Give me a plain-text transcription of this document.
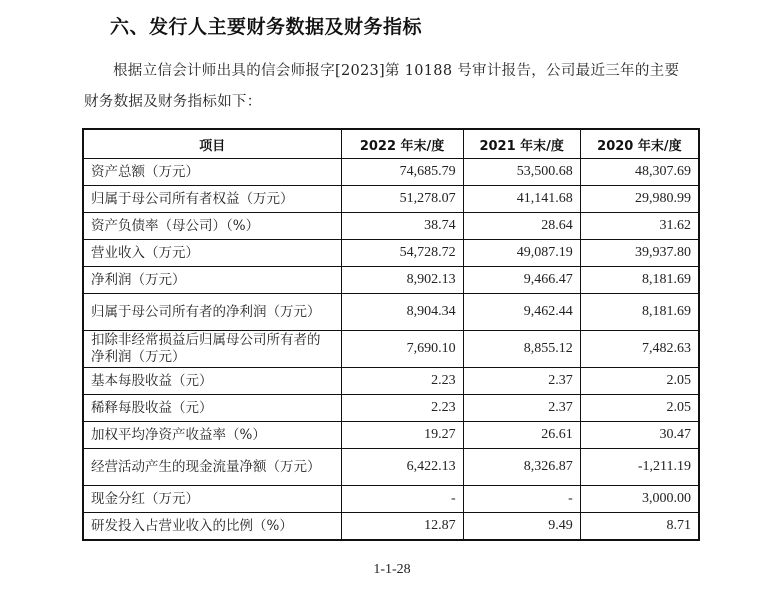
六、发行人主要财务数据及财务指标
根据立信会计师出具的信会师报字[2023]第 10188 号审计报告，公司最近三年的主要财务数据及财务指标如下：
项目	2022 年末/度	2021 年末/度	2020 年末/度
资产总额（万元）	74,685.79	53,500.68	48,307.69
归属于母公司所有者权益（万元）	51,278.07	41,141.68	29,980.99
资产负债率（母公司）（%）	38.74	28.64	31.62
营业收入（万元）	54,728.72	49,087.19	39,937.80
净利润（万元）	8,902.13	9,466.47	8,181.69
归属于母公司所有者的净利润（万元）	8,904.34	9,462.44	8,181.69
扣除非经常损益后归属母公司所有者的净利润（万元）	7,690.10	8,855.12	7,482.63
基本每股收益（元）	2.23	2.37	2.05
稀释每股收益（元）	2.23	2.37	2.05
加权平均净资产收益率（%）	19.27	26.61	30.47
经营活动产生的现金流量净额（万元）	6,422.13	8,326.87	-1,211.19
现金分红（万元）	-	-	3,000.00
研发投入占营业收入的比例（%）	12.87	9.49	8.71
1-1-28
